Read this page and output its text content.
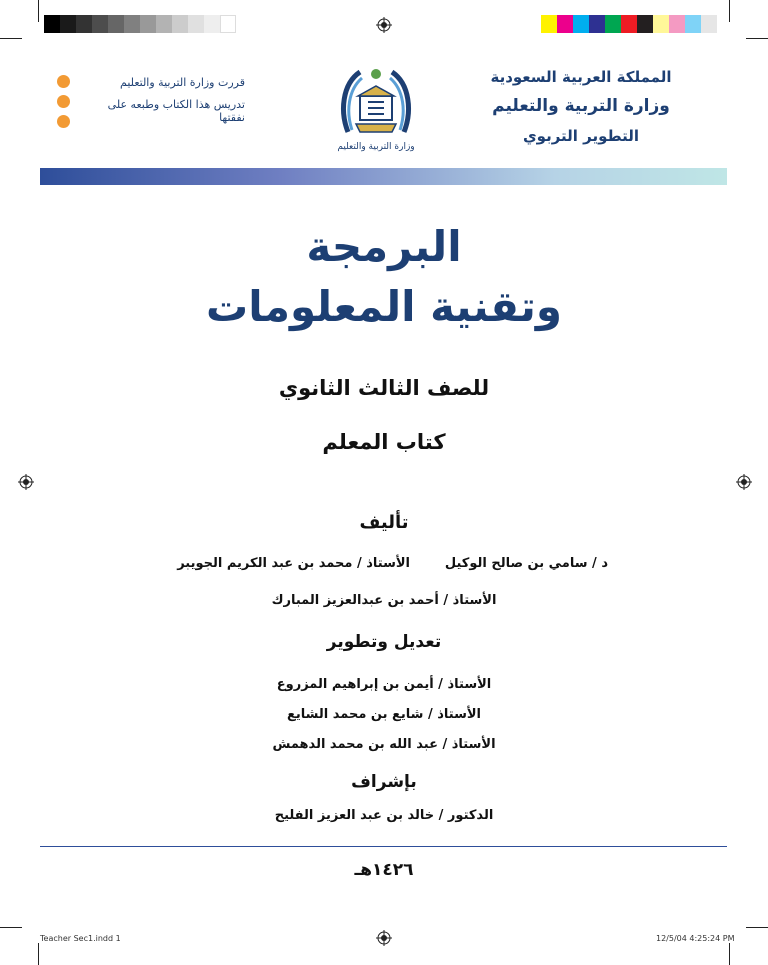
المملكة العربية السعودية
وزارة التربية والتعليم
التطوير التربوي
قررت وزارة التربية والتعليم
تدريس هذا الكتاب وطبعه على نفقتها
وزارة التربية والتعليم
البرمجة
وتقنية المعلومات
للصف الثالث الثانوي
كتاب المعلم
تأليف
د / سامي بن صالح الوكيل
الأستاذ / محمد بن عبد الكريم الجويبر
الأستاذ / أحمد بن عبدالعزيز المبارك
تعديل وتطوير
الأستاذ / أيمن بن إبراهيم المزروع
الأستاذ / شايع بن محمد الشايع
الأستاذ / عبد الله بن محمد الدهمش
بإشراف
الدكتور / خالد بن عبد العزيز الفليح
١٤٢٦هـ
Teacher Sec1.indd 1	12/5/04 4:25:24 PM
